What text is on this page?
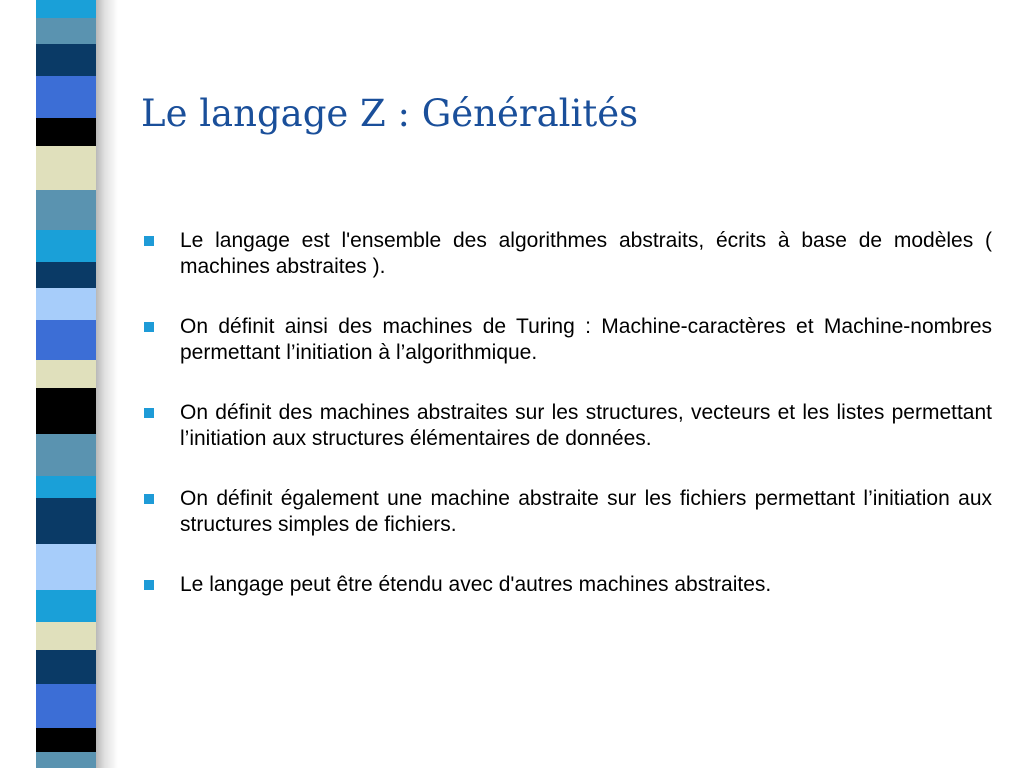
Le langage Z : Généralités
Le langage est l'ensemble des algorithmes abstraits, écrits à base de modèles ( machines abstraites ).
On définit ainsi des machines de Turing : Machine-caractères et Machine-nombres permettant l’initiation à l’algorithmique.
On définit des machines abstraites sur les structures, vecteurs et les listes permettant l’initiation aux structures élémentaires de données.
On définit également une machine abstraite sur les fichiers permettant l’initiation aux structures simples de fichiers.
Le langage peut être étendu avec d'autres machines abstraites.
